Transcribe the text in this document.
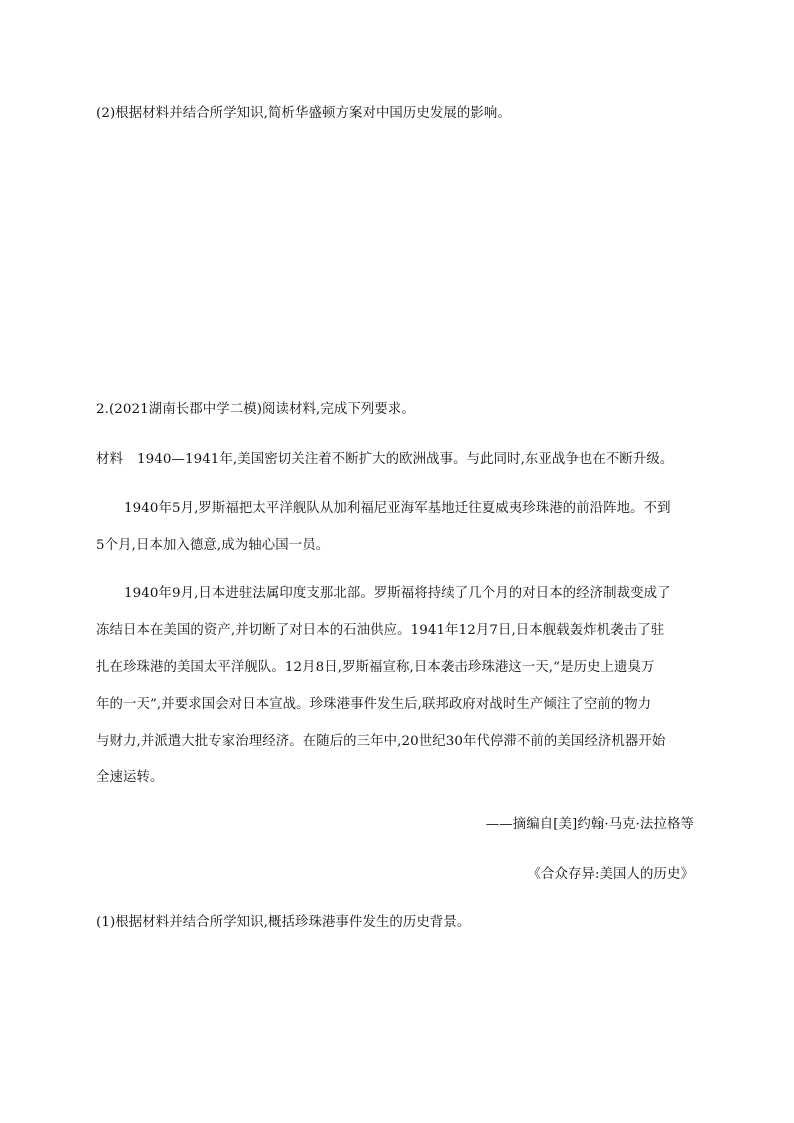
(2)根据材料并结合所学知识,简析华盛顿方案对中国历史发展的影响。
2.(2021湖南长郡中学二模)阅读材料,完成下列要求。
材料 1940—1941年,美国密切关注着不断扩大的欧洲战事。与此同时,东亚战争也在不断升级。
1940年5月,罗斯福把太平洋舰队从加利福尼亚海军基地迁往夏威夷珍珠港的前沿阵地。不到
5个月,日本加入德意,成为轴心国一员。
1940年9月,日本进驻法属印度支那北部。罗斯福将持续了几个月的对日本的经济制裁变成了
冻结日本在美国的资产,并切断了对日本的石油供应。1941年12月7日,日本舰载轰炸机袭击了驻
扎在珍珠港的美国太平洋舰队。12月8日,罗斯福宣称,日本袭击珍珠港这一天,“是历史上遗臭万
年的一天”,并要求国会对日本宣战。珍珠港事件发生后,联邦政府对战时生产倾注了空前的物力
与财力,并派遣大批专家治理经济。在随后的三年中,20世纪30年代停滞不前的美国经济机器开始
全速运转。
——摘编自[美]约翰·马克·法拉格等
《合众存异:美国人的历史》
(1)根据材料并结合所学知识,概括珍珠港事件发生的历史背景。
